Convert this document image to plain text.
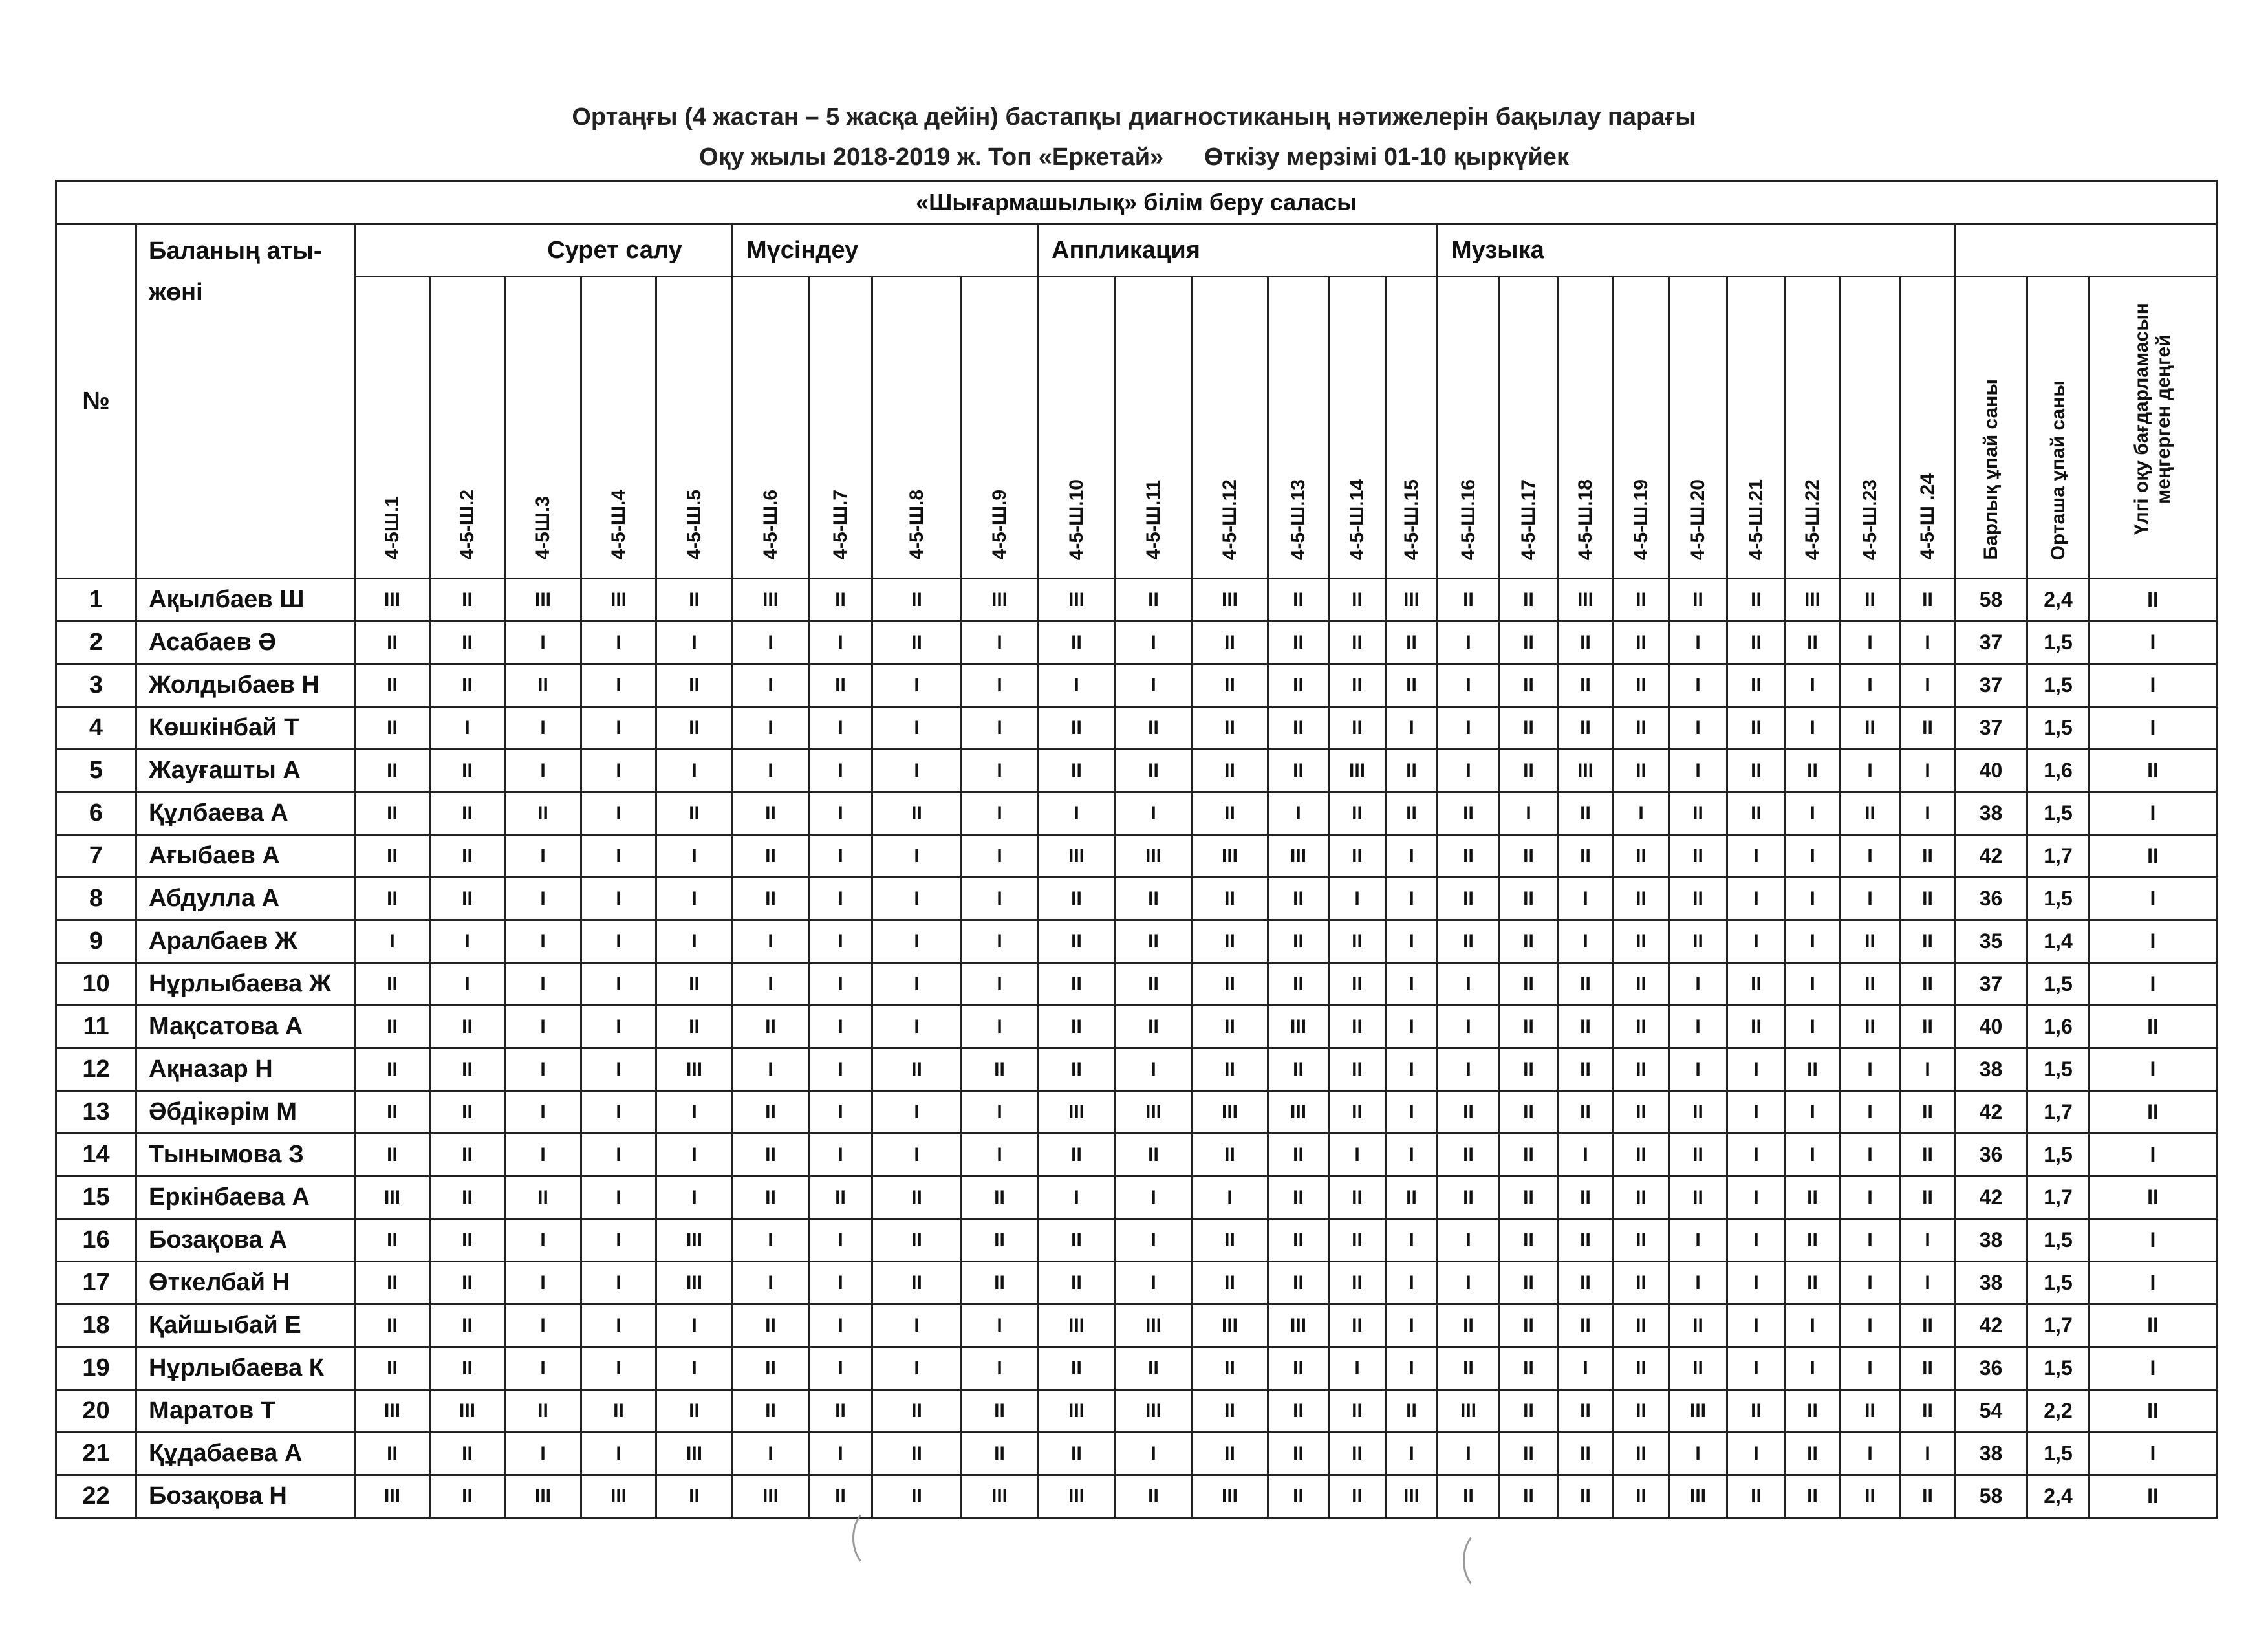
Ортаңғы (4 жастан – 5 жасқа дейін) бастапқы диагностиканың нәтижелерін бақылау парағы
Оқу жылы 2018-2019 ж. Топ «Еркетай» Өткізу мерзімі 01-10 қыркүйек
«Шығармашылық» білім беру саласы																												
№	Баланың аты-жөні	Сурет салу					Мүсіндеу				Аппликация						Музыка											
		4-5Ш.1	4-5-Ш.2	4-5Ш.3	4-5-Ш.4	4-5-Ш.5	4-5-Ш.6	4-5-Ш.7	4-5-Ш.8	4-5-Ш.9	4-5-Ш.10	4-5-Ш.11	4-5-Ш.12	4-5-Ш.13	4-5-Ш.14	4-5-Ш.15	4-5-Ш.16	4-5-Ш.17	4-5-Ш.18	4-5-Ш.19	4-5-Ш.20	4-5-Ш.21	4-5-Ш.22	4-5-Ш.23	4-5-Ш .24	Барлық ұпай саны	Орташа ұпай саны	Үлгі оқу бағдарламасын меңгерген деңгей
1	Ақылбаев Ш	III	II	III	III	II	III	II	II	III	III	II	III	II	II	III	II	II	III	II	II	II	III	II	II	58	2,4	II
2	Асабаев Ә	II	II	I	I	I	I	I	II	I	II	I	II	II	II	II	I	II	II	II	I	II	II	I	I	37	1,5	I
3	Жолдыбаев Н	II	II	II	I	II	I	II	I	I	I	I	II	II	II	II	I	II	II	II	I	II	I	I	I	37	1,5	I
4	Көшкінбай Т	II	I	I	I	II	I	I	I	I	II	II	II	II	II	I	I	II	II	II	I	II	I	II	II	37	1,5	I
5	Жауғашты А	II	II	I	I	I	I	I	I	I	II	II	II	II	III	II	I	II	III	II	I	II	II	I	I	40	1,6	II
6	Құлбаева А	II	II	II	I	II	II	I	II	I	I	I	II	I	II	II	II	I	II	I	II	II	I	II	I	38	1,5	I
7	Ағыбаев А	II	II	I	I	I	II	I	I	I	III	III	III	III	II	I	II	II	II	II	II	I	I	I	II	42	1,7	II
8	Абдулла А	II	II	I	I	I	II	I	I	I	II	II	II	II	I	I	II	II	I	II	II	I	I	I	II	36	1,5	I
9	Аралбаев Ж	I	I	I	I	I	I	I	I	I	II	II	II	II	II	I	II	II	I	II	II	I	I	II	II	35	1,4	I
10	Нұрлыбаева Ж	II	I	I	I	II	I	I	I	I	II	II	II	II	II	I	I	II	II	II	I	II	I	II	II	37	1,5	I
11	Мақсатова А	II	II	I	I	II	II	I	I	I	II	II	II	III	II	I	I	II	II	II	I	II	I	II	II	40	1,6	II
12	Ақназар Н	II	II	I	I	III	I	I	II	II	II	I	II	II	II	I	I	II	II	II	I	I	II	I	I	38	1,5	I
13	Әбдікәрім М	II	II	I	I	I	II	I	I	I	III	III	III	III	II	I	II	II	II	II	II	I	I	I	II	42	1,7	II
14	Тынымова З	II	II	I	I	I	II	I	I	I	II	II	II	II	I	I	II	II	I	II	II	I	I	I	II	36	1,5	I
15	Еркінбаева А	III	II	II	I	I	II	II	II	II	I	I	I	II	II	II	II	II	II	II	II	I	II	I	II	42	1,7	II
16	Бозақова А	II	II	I	I	III	I	I	II	II	II	I	II	II	II	I	I	II	II	II	I	I	II	I	I	38	1,5	I
17	Өткелбай Н	II	II	I	I	III	I	I	II	II	II	I	II	II	II	I	I	II	II	II	I	I	II	I	I	38	1,5	I
18	Қайшыбай Е	II	II	I	I	I	II	I	I	I	III	III	III	III	II	I	II	II	II	II	II	I	I	I	II	42	1,7	II
19	Нұрлыбаева К	II	II	I	I	I	II	I	I	I	II	II	II	II	I	I	II	II	I	II	II	I	I	I	II	36	1,5	I
20	Маратов Т	III	III	II	II	II	II	II	II	II	III	III	II	II	II	II	III	II	II	II	III	II	II	II	II	54	2,2	II
21	Құдабаева А	II	II	I	I	III	I	I	II	II	II	I	II	II	II	I	I	II	II	II	I	I	II	I	I	38	1,5	I
22	Бозақова Н	III	II	III	III	II	III	II	II	III	III	II	III	II	II	III	II	II	II	II	III	II	II	II	II	58	2,4	II
